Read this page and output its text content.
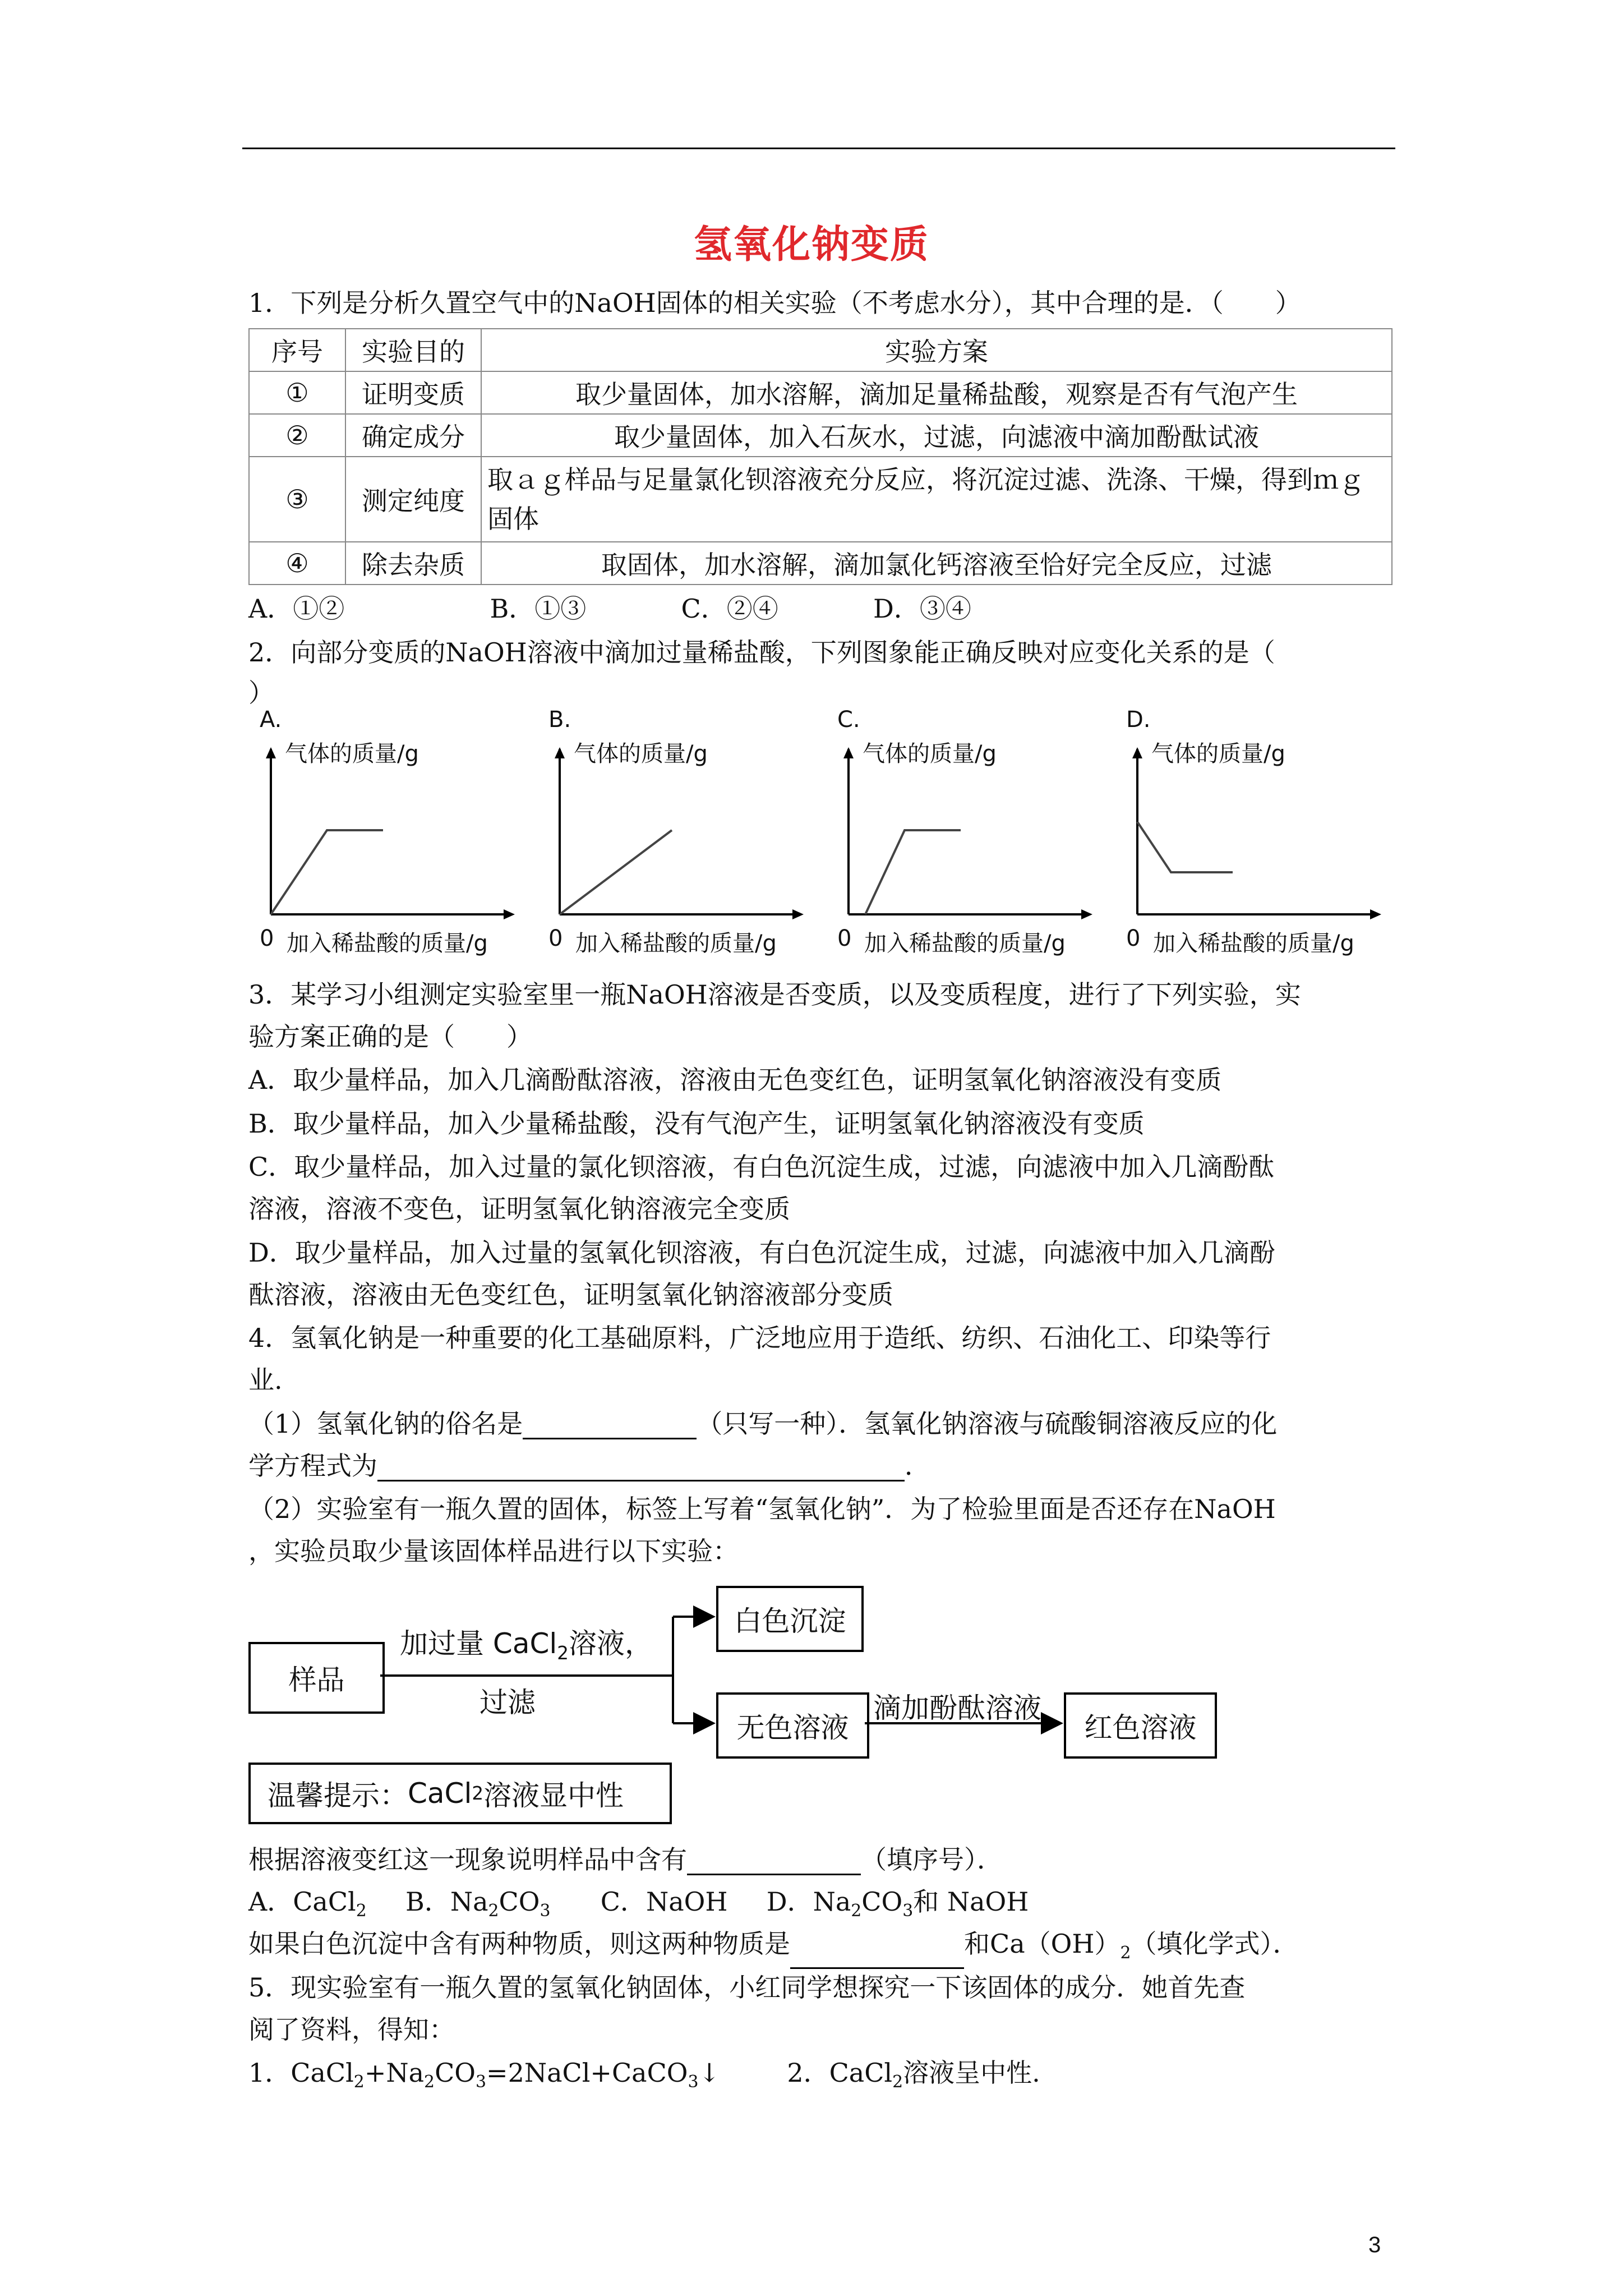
氢氧化钠变质
1．下列是分析久置空气中的NaOH固体的相关实验（不考虑水分），其中合理的是．（　　）
序号	实验目的	实验方案
①	证明变质	取少量固体，加水溶解，滴加足量稀盐酸，观察是否有气泡产生
②	确定成分	取少量固体，加入石灰水，过滤，向滤液中滴加酚酞试液
③	测定纯度	取ａｇ样品与足量氯化钡溶液充分反应，将沉淀过滤、洗涤、干燥，得到ｍｇ固体
④	除去杂质	取固体，加水溶解，滴加氯化钙溶液至恰好完全反应，过滤
A．①②	B．①③	C．②④	D．③④
2．向部分变质的NaOH溶液中滴加过量稀盐酸，下列图象能正确反映对应变化关系的是（
）
A.
气体的质量/g
0 加入稀盐酸的质量/g
B.
气体的质量/g
0 加入稀盐酸的质量/g
C.
气体的质量/g
0 加入稀盐酸的质量/g
D.
气体的质量/g
0 加入稀盐酸的质量/g
3．某学习小组测定实验室里一瓶NaOH溶液是否变质，以及变质程度，进行了下列实验，实
验方案正确的是（　　）
A．取少量样品，加入几滴酚酞溶液，溶液由无色变红色，证明氢氧化钠溶液没有变质
B．取少量样品，加入少量稀盐酸，没有气泡产生，证明氢氧化钠溶液没有变质
C．取少量样品，加入过量的氯化钡溶液，有白色沉淀生成，过滤，向滤液中加入几滴酚酞
溶液，溶液不变色，证明氢氧化钠溶液完全变质
D．取少量样品，加入过量的氢氧化钡溶液，有白色沉淀生成，过滤，向滤液中加入几滴酚
酞溶液，溶液由无色变红色，证明氢氧化钠溶液部分变质
4．氢氧化钠是一种重要的化工基础原料，广泛地应用于造纸、纺织、石油化工、印染等行
业.
（1）氢氧化钠的俗名是	（只写一种）．氢氧化钠溶液与硫酸铜溶液反应的化
学方程式为	．
（2）实验室有一瓶久置的固体，标签上写着“氢氧化钠”．为了检验里面是否还存在NaOH
，实验员取少量该固体样品进行以下实验：
样品
白色沉淀
无色溶液	红色溶液
温馨提示： CaCl 2 溶液显中性
加过量 CaCl$_2$溶液，
过滤	滴加酚酞溶液
根据溶液变红这一现象说明样品中含有	（填序号）．
A．CaCl$_2$ B．$Na_2CO_3$ C．NaOH D．$Na_2CO_3$和 NaOH
如果白色沉淀中含有两种物质，则这两种物质是	和$Ca(OH)_2$（填化学式）．
5．现实验室有一瓶久置的氢氧化钠固体，小红同学想探究一下该固体的成分．她首先查
阅了资料，得知：
1．$CaCl_2+Na_2CO_3=2NaCl+CaCO_3↓$  2．CaCl$_2$溶液呈中性.
3
